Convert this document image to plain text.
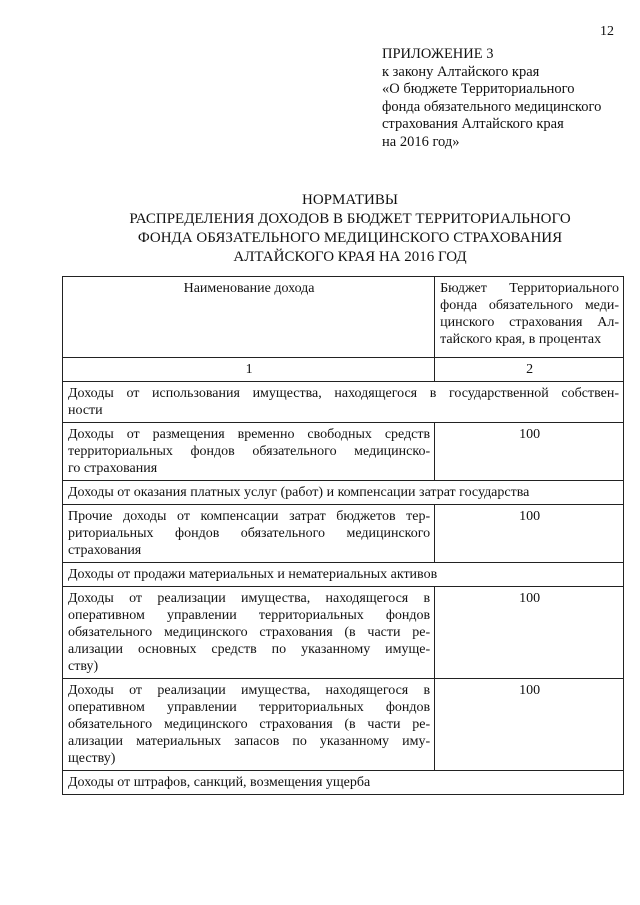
12
ПРИЛОЖЕНИЕ 3
к закону Алтайского края
«О бюджете Территориального
фонда обязательного медицинского
страхования Алтайского края
на 2016 год»
НОРМАТИВЫ
РАСПРЕДЕЛЕНИЯ ДОХОДОВ В БЮДЖЕТ ТЕРРИТОРИАЛЬНОГО
ФОНДА ОБЯЗАТЕЛЬНОГО МЕДИЦИНСКОГО СТРАХОВАНИЯ
АЛТАЙСКОГО КРАЯ НА 2016 ГОД
Наименование дохода	Бюджет Территориального
фонда обязательного меди-
цинского страхования Ал-
тайского края, в процентах

1	2

Доходы от использования имущества, находящегося в государственной собствен-
ности	

Доходы от размещения временно свободных средств
территориальных фондов обязательного медицинско-
го страхования	100

Доходы от оказания платных услуг (работ) и компенсации затрат государства	

Прочие доходы от компенсации затрат бюджетов тер-
риториальных фондов обязательного медицинского
страхования	100

Доходы от продажи материальных и нематериальных активов	

Доходы от реализации имущества, находящегося в
оперативном управлении территориальных фондов
обязательного медицинского страхования (в части ре-
ализации основных средств по указанному имуще-
ству)	100

Доходы от реализации имущества, находящегося в
оперативном управлении территориальных фондов
обязательного медицинского страхования (в части ре-
ализации материальных запасов по указанному иму-
ществу)	100

Доходы от штрафов, санкций, возмещения ущерба	
